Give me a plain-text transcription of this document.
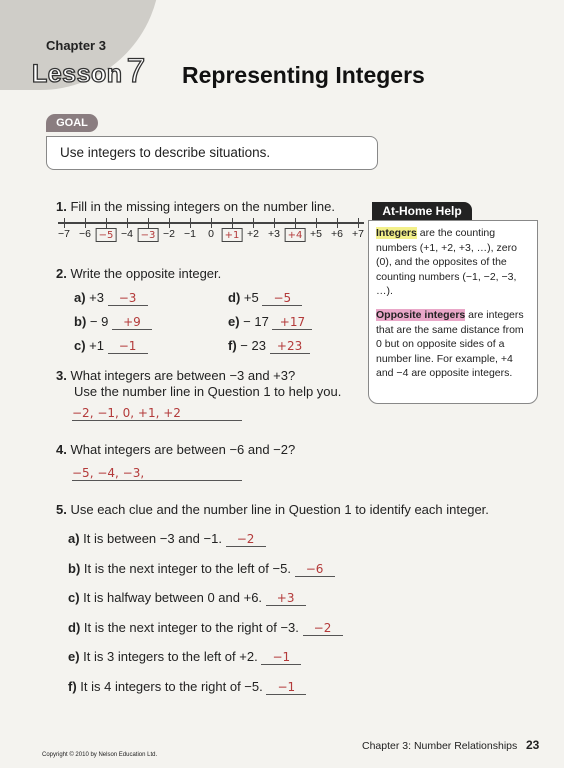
Chapter 3
Lesson 7 Representing Integers
GOAL
Use integers to describe situations.
1. Fill in the missing integers on the number line.
−7 −6 −5 −4 −3 −2 −1 0	+1 +2 +3 +4 +5 +6 +7
2. Write the opposite integer.
a) +3 −3
b) − 9 +9
c) +1 −1
d) +5 −5
e) − 17 +17
f) − 23 +23
3. What integers are between −3 and +3?
Use the number line in Question 1 to help you.
−2, −1, 0, +1, +2
4. What integers are between −6 and −2?
−5, −4, −3,
5. Use each clue and the number line in Question 1 to identify each integer.
a) It is between −3 and −1. −2
b) It is the next integer to the left of −5. −6
c) It is halfway between 0 and +6. +3
d) It is the next integer to the right of −3. −2
e) It is 3 integers to the left of +2. −1
f) It is 4 integers to the right of −5. −1
At-Home Help
Integers are the counting numbers (+1, +2, +3, …), zero (0), and the opposites of the counting numbers (−1, −2, −3, …).
Opposite integers are integers that are the same distance from 0 but on opposite sides of a number line. For example, +4 and −4 are opposite integers.
Copyright © 2010 by Nelson Education Ltd.
Chapter 3: Number Relationships 23
